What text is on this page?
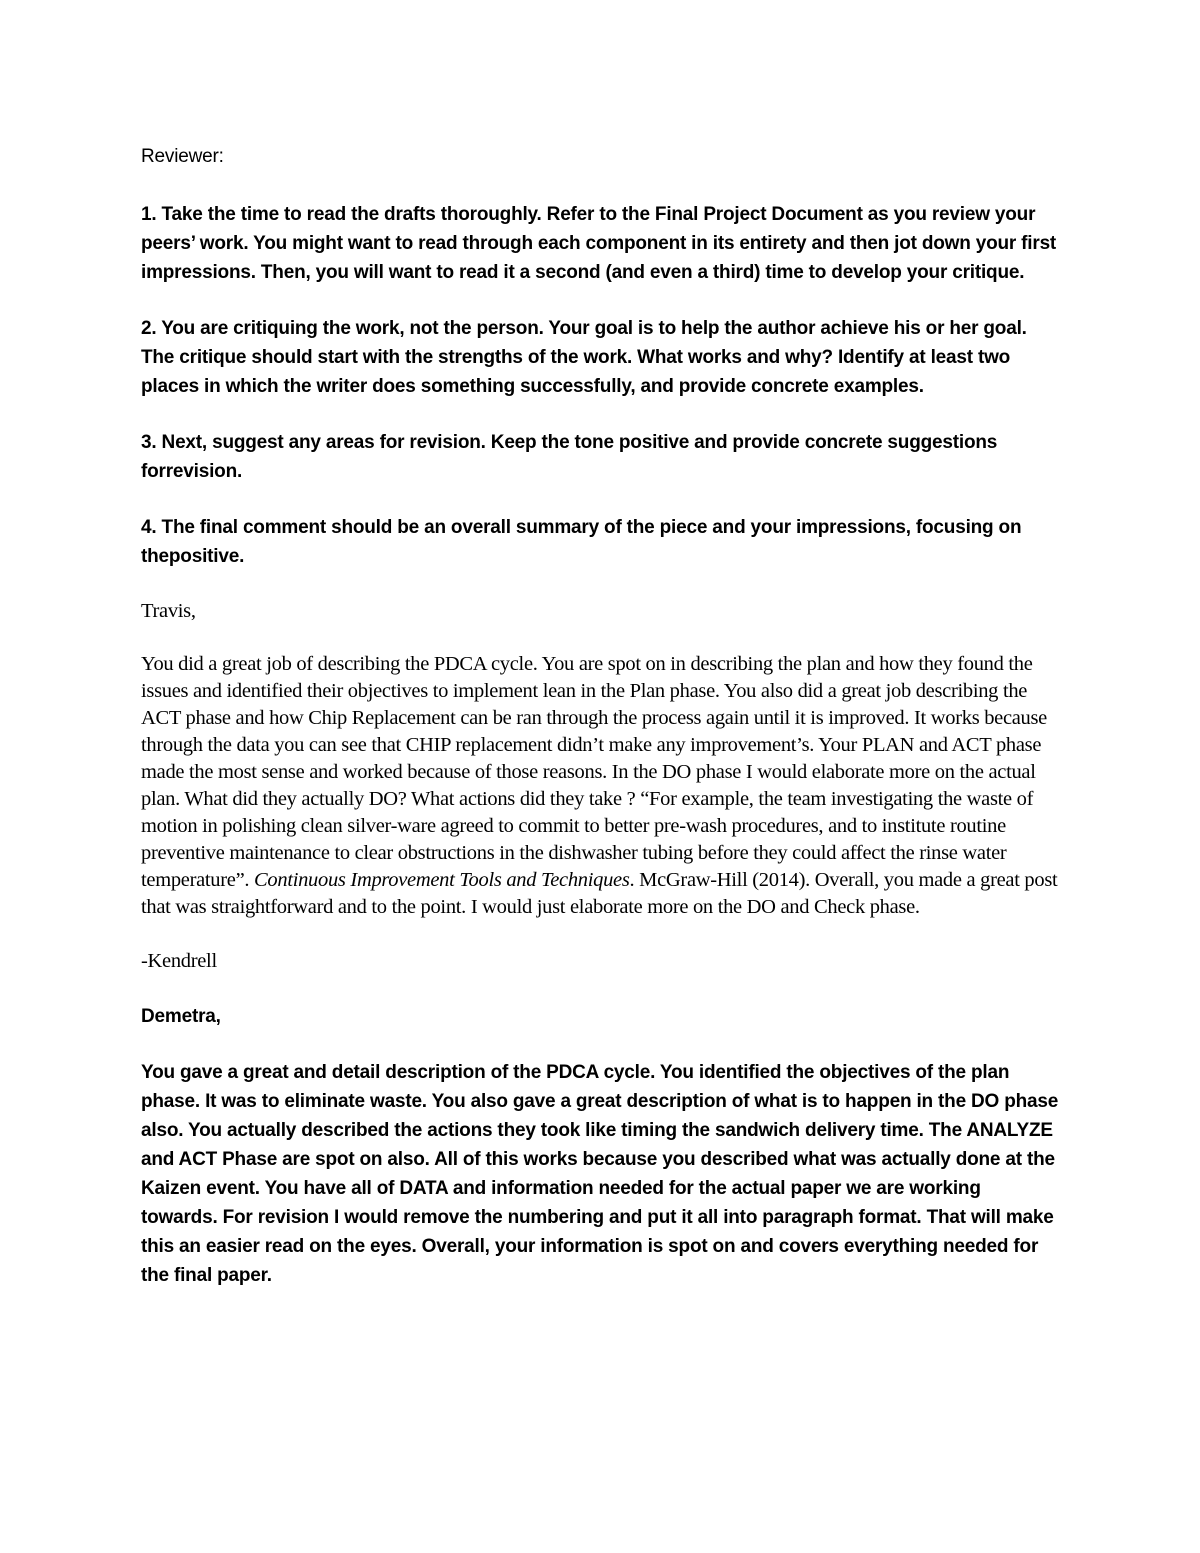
Reviewer:

1. Take the time to read the drafts thoroughly. Refer to the Final Project Document as you review your peers’ work. You might want to read through each component in its entirety and then jot down your first impressions. Then, you will want to read it a second (and even a third) time to develop your critique.

2. You are critiquing the work, not the person. Your goal is to help the author achieve his or her goal. The critique should start with the strengths of the work. What works and why? Identify at least two places in which the writer does something successfully, and provide concrete examples.

3. Next, suggest any areas for revision. Keep the tone positive and provide concrete suggestions forrevision.

4. The final comment should be an overall summary of the piece and your impressions, focusing on thepositive.

Travis,

You did a great job of describing the PDCA cycle. You are spot on in describing the plan and how they found the issues and identified their objectives to implement lean in the Plan phase. You also did a great job describing the ACT phase and how Chip Replacement can be ran through the process again until it is improved. It works because through the data you can see that CHIP replacement didn’t make any improvement’s. Your PLAN and ACT phase made the most sense and worked because of those reasons. In the DO phase I would elaborate more on the actual plan. What did they actually DO? What actions did they take ? “For example, the team investigating the waste of motion in polishing clean silver-ware agreed to commit to better pre-wash procedures, and to institute routine preventive maintenance to clear obstructions in the dishwasher tubing before they could affect the rinse water temperature”. Continuous Improvement Tools and Techniques. McGraw-Hill (2014). Overall, you made a great post that was straightforward and to the point. I would just elaborate more on the DO and Check phase.

-Kendrell

Demetra,

You gave a great and detail description of the PDCA cycle. You identified the objectives of the plan phase. It was to eliminate waste. You also gave a great description of what is to happen in the DO phase also. You actually described the actions they took like timing the sandwich delivery time. The ANALYZE and ACT Phase are spot on also. All of this works because you described what was actually done at the Kaizen event. You have all of DATA and information needed for the actual paper we are working towards. For revision I would remove the numbering and put it all into paragraph format. That will make this an easier read on the eyes. Overall, your information is spot on and covers everything needed for the final paper.
